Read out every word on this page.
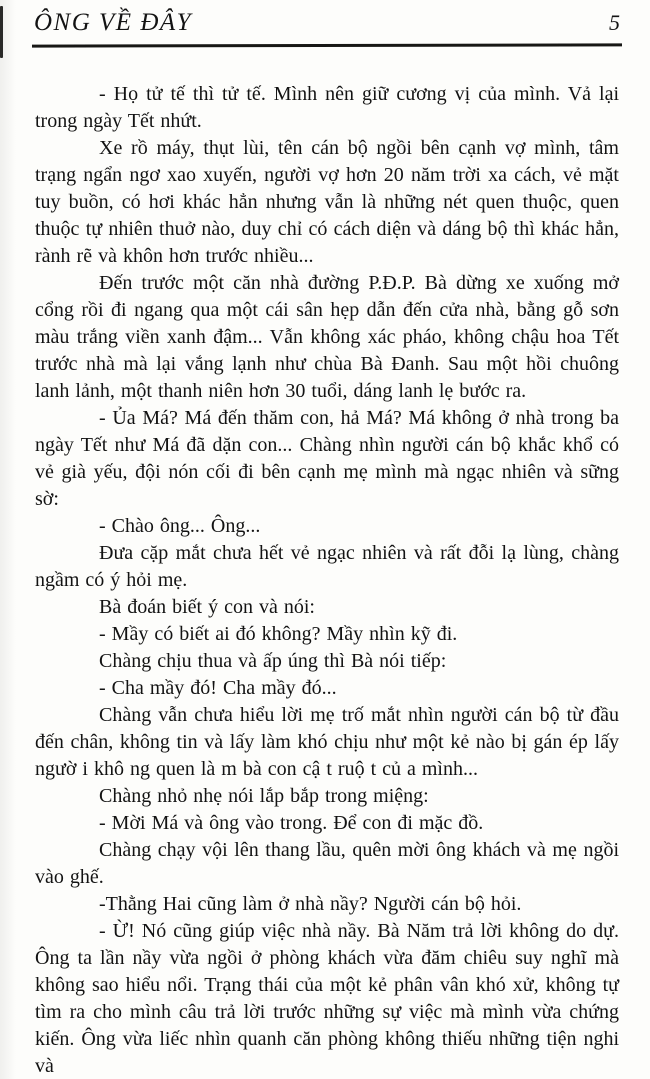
ÔNG VỀ ĐÂY	5

- Họ tử tế thì tử tế. Mình nên giữ cương vị của mình. Vả lại trong ngày Tết nhứt.

Xe rồ máy, thụt lùi, tên cán bộ ngồi bên cạnh vợ mình, tâm trạng ngẩn ngơ xao xuyến, người vợ hơn 20 năm trời xa cách, vẻ mặt tuy buồn, có hơi khác hẳn nhưng vẫn là những nét quen thuộc, quen thuộc tự nhiên thuở nào, duy chỉ có cách diện và dáng bộ thì khác hẳn, rành rẽ và khôn hơn trước nhiều...

Đến trước một căn nhà đường P.Đ.P. Bà dừng xe xuống mở cổng rồi đi ngang qua một cái sân hẹp dẫn đến cửa nhà, bằng gỗ sơn màu trắng viền xanh đậm... Vẫn không xác pháo, không chậu hoa Tết trước nhà mà lại vắng lạnh như chùa Bà Đanh. Sau một hồi chuông lanh lảnh, một thanh niên hơn 30 tuổi, dáng lanh lẹ bước ra.

- Ủa Má? Má đến thăm con, hả Má? Má không ở nhà trong ba ngày Tết như Má đã dặn con... Chàng nhìn người cán bộ khắc khổ có vẻ già yếu, đội nón cối đi bên cạnh mẹ mình mà ngạc nhiên và sững sờ:

- Chào ông... Ông...

Đưa cặp mắt chưa hết vẻ ngạc nhiên và rất đỗi lạ lùng, chàng ngầm có ý hỏi mẹ.

Bà đoán biết ý con và nói:

- Mầy có biết ai đó không? Mầy nhìn kỹ đi.

Chàng chịu thua và ấp úng thì Bà nói tiếp:

- Cha mầy đó! Cha mầy đó...

Chàng vẫn chưa hiểu lời mẹ trố mắt nhìn người cán bộ từ đầu đến chân, không tin và lấy làm khó chịu như một kẻ nào bị gán ép lấy ngườ i khô ng quen là m bà con cậ t ruộ t củ a mình...

Chàng nhỏ nhẹ nói lắp bắp trong miệng:

- Mời Má và ông vào trong. Để con đi mặc đồ.

Chàng chạy vội lên thang lầu, quên mời ông khách và mẹ ngồi vào ghế.

-Thằng Hai cũng làm ở nhà nầy? Người cán bộ hỏi.

- Ừ! Nó cũng giúp việc nhà nầy. Bà Năm trả lời không do dự. Ông ta lần nầy vừa ngồi ở phòng khách vừa đăm chiêu suy nghĩ mà không sao hiểu nổi. Trạng thái của một kẻ phân vân khó xử, không tự tìm ra cho mình câu trả lời trước những sự việc mà mình vừa chứng kiến. Ông vừa liếc nhìn quanh căn phòng không thiếu những tiện nghi và
